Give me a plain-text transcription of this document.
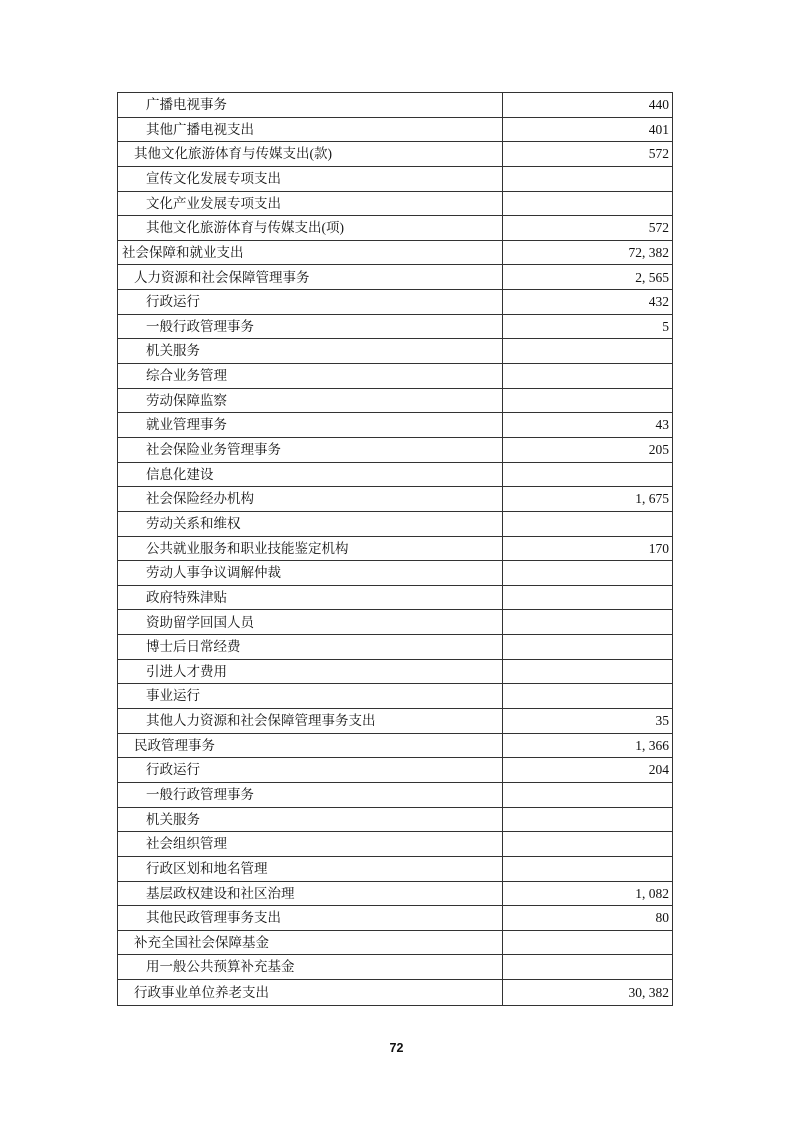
广播电视事务	440
其他广播电视支出	401
其他文化旅游体育与传媒支出(款)	572
宣传文化发展专项支出
文化产业发展专项支出
其他文化旅游体育与传媒支出(项)	572
社会保障和就业支出	72, 382
人力资源和社会保障管理事务	2, 565
行政运行	432
一般行政管理事务	5
机关服务
综合业务管理
劳动保障监察
就业管理事务	43
社会保险业务管理事务	205
信息化建设
社会保险经办机构	1, 675
劳动关系和维权
公共就业服务和职业技能鉴定机构	170
劳动人事争议调解仲裁
政府特殊津贴
资助留学回国人员
博士后日常经费
引进人才费用
事业运行
其他人力资源和社会保障管理事务支出	35
民政管理事务	1, 366
行政运行	204
一般行政管理事务
机关服务
社会组织管理
行政区划和地名管理
基层政权建设和社区治理	1, 082
其他民政管理事务支出	80
补充全国社会保障基金
用一般公共预算补充基金
行政事业单位养老支出	30, 382
72
